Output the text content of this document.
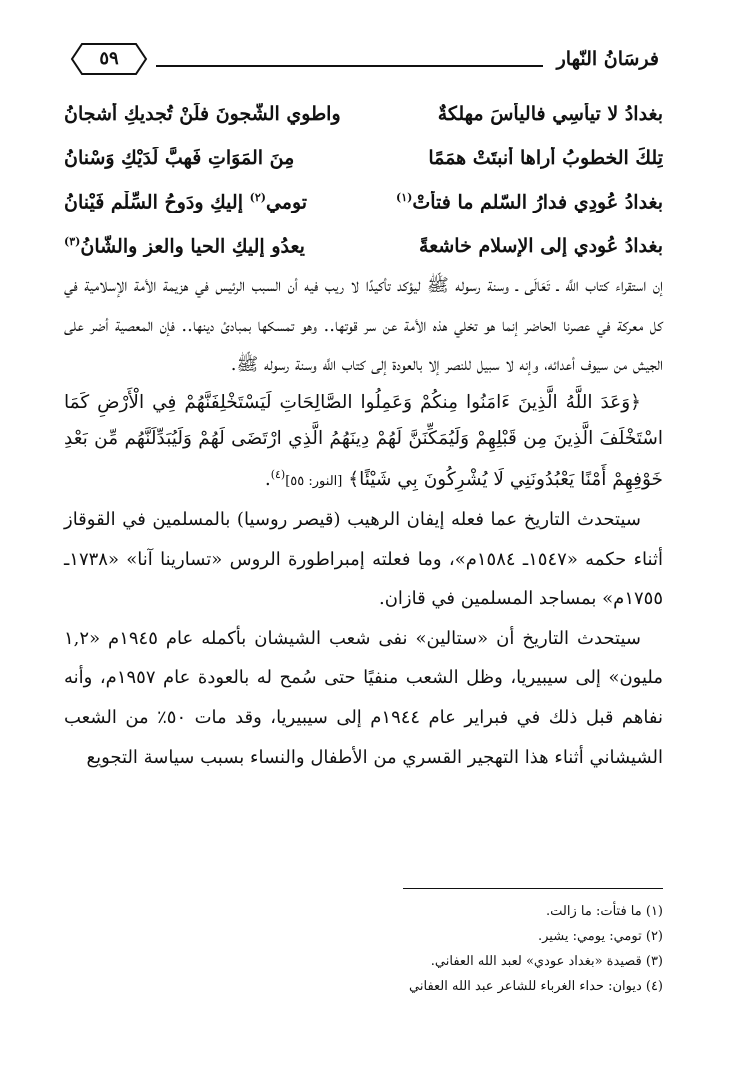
فرسَانُ النّهار
٥٩
بغدادُ لا تيأسِي فاليأسَ مهلكةٌ
واطوي الشُّجونَ فلَنْ تُجديكِ أشجانُ
تِلكَ الخطوبُ أراها أنبتَتْ همَمًا
مِنَ المَوَاتِ فَهبَّ لَدَيْكِ وَسْنانُ
بغدادُ عُودِي فدارُ السّلم ما فتأتْ$^{(١)}$
تومي$^{(٢)}$ إليكِ ودَوحُ السِّلْمِ فَيْنانُ
بغدادُ عُودي إلى الإسلام خاشعةً
يعدُو إليكِ الحيا والعز والشّانُ$^{(٣)}$

إن استقراء كتاب اللَّه ـ تَعَالَى ـ وسنة رسوله ﷺ ليؤكد تأكيدًا لا ريب فيه أن السبب الرئيس في هزيمة الأمة الإسلامية في كل معركة في عصرنا الحاضر إنما هو تخلي هذه الأمة عن سر قوتها.. وهو تمسكها بمبادئ دينها.. فإن المعصية أضر على الجيش من سيوف أعدائه، وإنه لا سبيل للنصر إلا بالعودة إلى كتاب اللَّه وسنة رسوله ﷺ.

﴿وَعَدَ اللَّهُ الَّذِينَ ءَامَنُوا مِنكُمْ وَعَمِلُوا الصَّالِحَاتِ لَيَسْتَخْلِفَنَّهُمْ فِي الْأَرْضِ كَمَا اسْتَخْلَفَ الَّذِينَ مِن قَبْلِهِمْ وَلَيُمَكِّنَنَّ لَهُمْ دِينَهُمُ الَّذِي ارْتَضَى لَهُمْ وَلَيُبَدِّلَنَّهُم مِّن بَعْدِ خَوْفِهِمْ أَمْنًا يَعْبُدُونَنِي لَا يُشْرِكُونَ بِي شَيْئًا﴾ [النور: ٥٥]$^{(٤)}$.

سيتحدث التاريخ عما فعله إيفان الرهيب (قيصر روسيا) بالمسلمين في القوقاز أثناء حكمه «١٥٤٧ـ ١٥٨٤م»، وما فعلته إمبراطورة الروس «تسارينا آنا» «١٧٣٨ـ ١٧٥٥م» بمساجد المسلمين في قازان.

سيتحدث التاريخ أن «ستالين» نفى شعب الشيشان بأكمله عام ١٩٤٥م «١,٢ مليون» إلى سيبيريا، وظل الشعب منفيًا حتى سُمح له بالعودة عام ١٩٥٧م، وأنه نفاهم قبل ذلك في فبراير عام ١٩٤٤م إلى سيبيريا، وقد مات ٥٠٪ من الشعب الشيشاني أثناء هذا التهجير القسري من الأطفال والنساء بسبب سياسة التجويع

(١) ما فتأت: ما زالت.
(٢) تومي: يومي: يشير.
(٣) قصيدة «بغداد عودي» لعبد الله العفاني.
(٤) ديوان: حداء الغرباء للشاعر عبد الله العفاني
